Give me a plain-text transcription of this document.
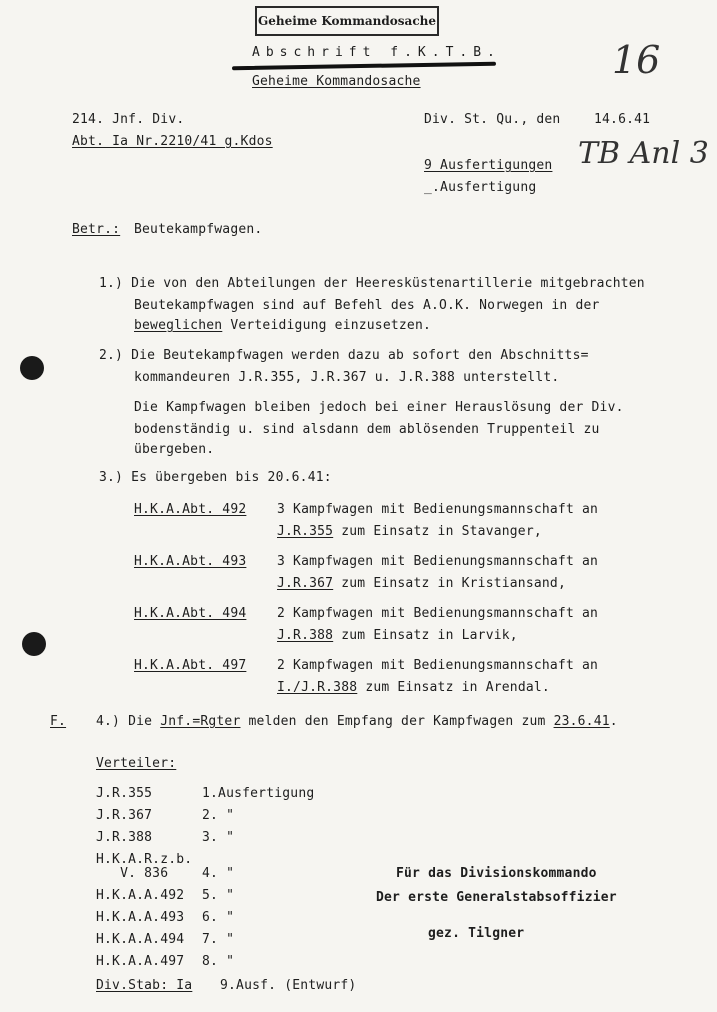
Geheime Kommandosache
Abschrift f.K.T.B.
Geheime Kommandosache	16
214. Jnf. Div.
Abt. Ia Nr.2210/41 g.Kdos
Div. St. Qu., den	14.6.41
9 Ausfertigungen
_.Ausfertigung
TB Anl 3
Betr.: Beutekampfwagen.
1.) Die von den Abteilungen der Heeresküstenartillerie mitgebrachten
Beutekampfwagen sind auf Befehl des A.O.K. Norwegen in der
beweglichen Verteidigung einzusetzen.
2.) Die Beutekampfwagen werden dazu ab sofort den Abschnitts=
kommandeuren J.R.355, J.R.367 u. J.R.388 unterstellt.
Die Kampfwagen bleiben jedoch bei einer Herauslösung der Div.
bodenständig u. sind alsdann dem ablösenden Truppenteil zu
übergeben.
3.) Es übergeben bis 20.6.41:
H.K.A.Abt. 492 3 Kampfwagen mit Bedienungsmannschaft an
J.R.355 zum Einsatz in Stavanger,
H.K.A.Abt. 493 3 Kampfwagen mit Bedienungsmannschaft an
J.R.367 zum Einsatz in Kristiansand,
H.K.A.Abt. 494 2 Kampfwagen mit Bedienungsmannschaft an
J.R.388 zum Einsatz in Larvik,
H.K.A.Abt. 497 2 Kampfwagen mit Bedienungsmannschaft an
I./J.R.388 zum Einsatz in Arendal.
F. 4.) Die Jnf.=Rgter melden den Empfang der Kampfwagen zum 23.6.41.
Verteiler:
J.R.355	1.Ausfertigung
J.R.367	2. "
J.R.388	3. "
H.K.A.R.z.b.
V. 836	4. "
H.K.A.A.492 5. "
H.K.A.A.493 6. "
H.K.A.A.494 7. "
H.K.A.A.497 8. "
Div.Stab: Ia 9.Ausf. (Entwurf)
Für das Divisionskommando
Der erste Generalstabsoffizier
gez. Tilgner
